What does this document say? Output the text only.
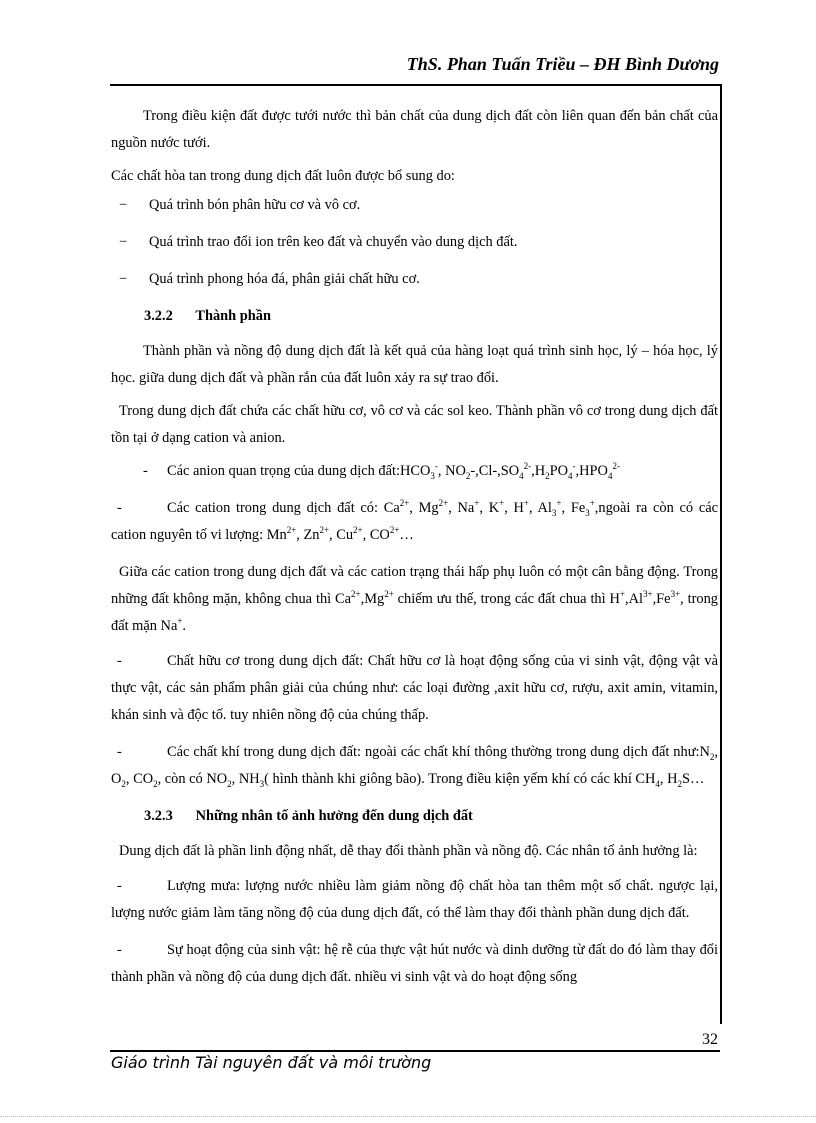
ThS. Phan Tuấn Triều – ĐH Bình Dương

Trong điều kiện đất được tưới nước thì bản chất của dung dịch đất còn liên quan đến bản chất của nguồn nước tưới.

Các chất hòa tan trong dung dịch đất luôn được bổ sung do:

−	Quá trình bón phân hữu cơ và vô cơ.
−	Quá trình trao đổi ion trên keo đất và chuyển vào dung dịch đất.
−	Quá trình phong hóa đá, phân giải chất hữu cơ.
3.2.2 Thành phần

Thành phần và nồng độ dung dịch đất là kết quả của hàng loạt quá trình sinh học, lý – hóa học, lý học. giữa dung dịch đất và phần rắn của đất luôn xảy ra sự trao đổi.

Trong dung dịch đất chứa các chất hữu cơ, vô cơ và các sol keo. Thành phần vô cơ trong dung dịch đất tồn tại ở dạng cation và anion.

- Các anion quan trọng của dung dịch $đất:HCO_3^-$, $NO_2-,Cl-,SO_4^{2-},H_2PO_4^-,HPO_4^{2-}$

-	Các cation trong dung dịch đất có: $Ca^{2+}$, $Mg^{2+}$, Na+, K+, H+, $Al_3^+$, $Fe_3^+,ngoài$ ra còn có các cation nguyên tố vi lượng: $Mn^{2+}$, $Zn^{2+}$, $Cu^{2+}$, $CO^{2+}\dots$

Giữa các cation trong dung dịch đất và các cation trạng thái hấp phụ luôn có một cân bằng động. Trong những đất không mặn, không chua thì $Ca^{2+},Mg^{2+}$ chiếm ưu thế, trong các đất chua thì $H^+,Al^{3+},Fe^{3+}$, trong đất mặn Na+.

-	Chất hữu cơ trong dung dịch đất: Chất hữu cơ là hoạt động sống của vi sinh vật, động vật và thực vật, các sản phẩm phân giải của chúng như: các loại đường ,axit hữu cơ, rượu, axit amin, vitamin, khán sinh và độc tố. tuy nhiên nồng độ của chúng thấp.

-	Các chất khí trong dung dịch đất: ngoài các chất khí thông thường trong dung dịch đất $như:N_2$, $O_2$, $CO_2$, còn có $NO_2$, $NH_3$( hình thành khi giông bão). Trong điều kiện yếm khí có các khí $CH_4$, $H_2S\dots$

3.2.3 Những nhân tố ảnh hưởng đến dung dịch đất

Dung dịch đất là phần linh động nhất, dễ thay đổi thành phần và nồng độ. Các nhân tố ảnh hưởng là:

-	Lượng mưa: lượng nước nhiều làm giảm nồng độ chất hòa tan thêm một số chất. ngược lại, lượng nước giảm làm tăng nồng độ của dung dịch đất, có thể làm thay đổi thành phần dung dịch đất.

-	Sự hoạt động của sinh vật: hệ rễ của thực vật hút nước và dinh dưỡng từ đất do đó làm thay đổi thành phần và nồng độ của dung dịch đất. nhiều vi sinh vật và do hoạt động sống

32
Giáo trình Tài nguyên đất và môi trường
